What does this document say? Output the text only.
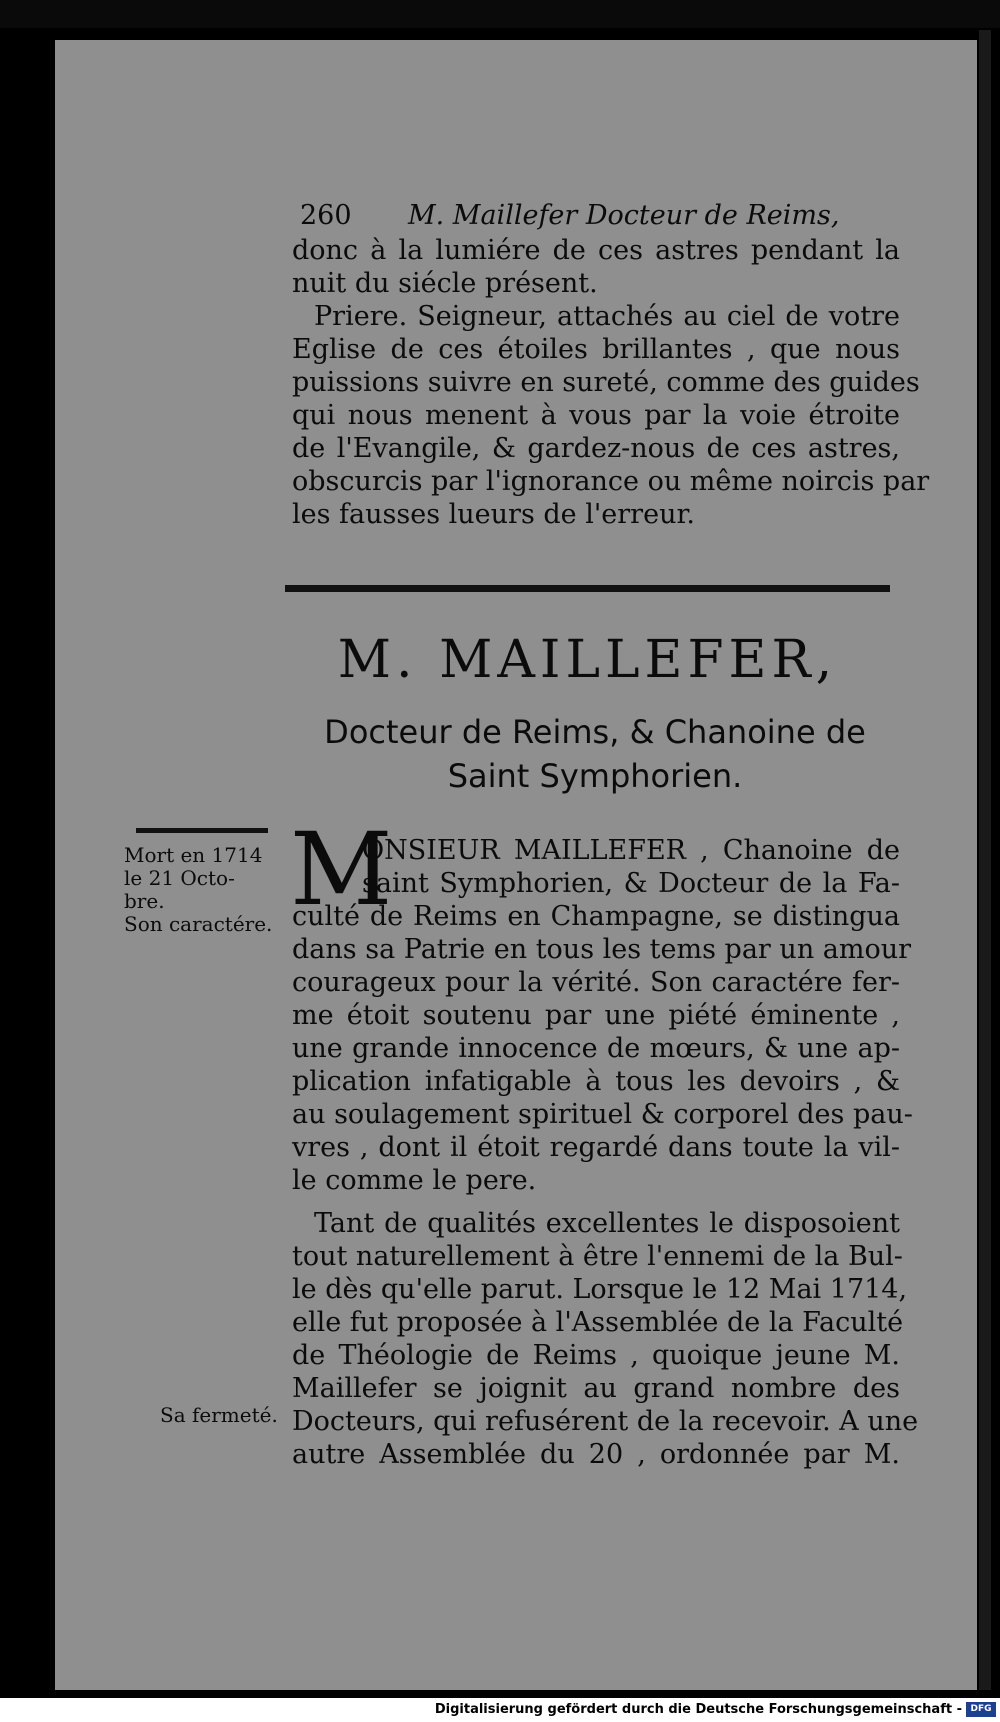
260 M. Maillefer Docteur de Reims,

donc à la lumiére de ces astres pendant la

nuit du siécle présent.

Priere. Seigneur, attachés au ciel de votre

Eglise de ces étoiles brillantes , que nous

puissions suivre en sureté, comme des guides

qui nous menent à vous par la voie étroite

de l'Evangile, & gardez-nous de ces astres,

obscurcis par l'ignorance ou même noircis par

les fausses lueurs de l'erreur.

M. MAILLEFER,
Docteur de Reims, & Chanoine de
Saint Symphorien.
Mort en 1714
le 21 Octo-
bre.
Son caractére.
Sa fermeté.
M

ONSIEUR MAILLEFER , Chanoine de

saint Symphorien, & Docteur de la Fa-

culté de Reims en Champagne, se distingua

dans sa Patrie en tous les tems par un amour

courageux pour la vérité. Son caractére fer-

me étoit soutenu par une piété éminente ,

une grande innocence de mœurs, & une ap-

plication infatigable à tous les devoirs , &

au soulagement spirituel & corporel des pau-

vres , dont il étoit regardé dans toute la vil-

le comme le pere.

Tant de qualités excellentes le disposoient

tout naturellement à être l'ennemi de la Bul-

le dès qu'elle parut. Lorsque le 12 Mai 1714,

elle fut proposée à l'Assemblée de la Faculté

de Théologie de Reims , quoique jeune M.

Maillefer se joignit au grand nombre des

Docteurs, qui refusérent de la recevoir. A une

autre Assemblée du 20 , ordonnée par M.

Digitalisierung gefördert durch die Deutsche Forschungsgemeinschaft - DFG
